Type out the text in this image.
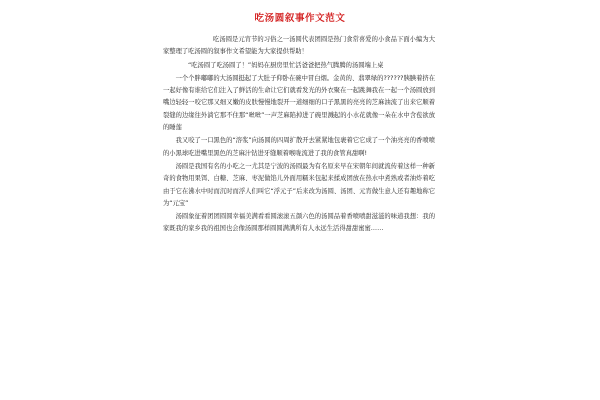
吃汤圆叙事作文范文

吃汤圆是元宵节的习俗之一汤圆代表团圆是热门食常喜爱的小食品下面小编为大家整理了吃汤圆的叙事作文希望能为大家提供帮助！

“吃汤圆了吃汤圆了！”妈妈在厨房里忙活爸爸把热气腾腾的汤圆端上桌

一个个胖嘟嘟的大汤圆挺起了大肚子仰卧在碗中冒白烟。金黄的、翡翠绿的??????胰腆着挤在一起好像有谁给它们注入了鲜活的生命让它们就看发光的外衣聚在一起跳舞我在一起一个汤圆放到嘴边轻轻一咬它那又细又嫩的皮肤慢慢地裂开一道细细的口子黑黑的亮亮的芝麻油流了出来它顺着裂缝的边缘往外淌它那不住那“咝咝”一声芝麻陷掉进了碗里溅起的小水花就像一朵在水中含苞欲放的睡莲

我又咬了一口黑色的“溶浆”向汤圆的四周扩散开去紧紧地包裹着它它成了一个油亮亮的香喷喷的小黑球吃进嘴里黑色的芝麻汁钻进牙缝顺着喉咙流进了我的食管真甜啊!

汤圆是我国有名的小吃之一尤其是宁波的汤圆最为有名原来早在宋朝年间就流传着这样一种新奇的食物用果饵、白糖、芝麻、枣泥做馅儿外面用糯米包起来揉成团放在热水中煮熟或者油炸着吃由于它在沸水中时而沉时而浮人们叫它“浮元子”后来改为汤圆、汤团、元宵做生意人还有趣地称它为“元宝”

汤圆象征着团团圆圆幸福美满看看圆滚滚五颜六色的汤圆品着香喷喷甜滋滋的味道我想：我的家既我的家乡我的祖国也会像汤圆那样圆圆满满所有人永远生活得甜甜蜜蜜……
